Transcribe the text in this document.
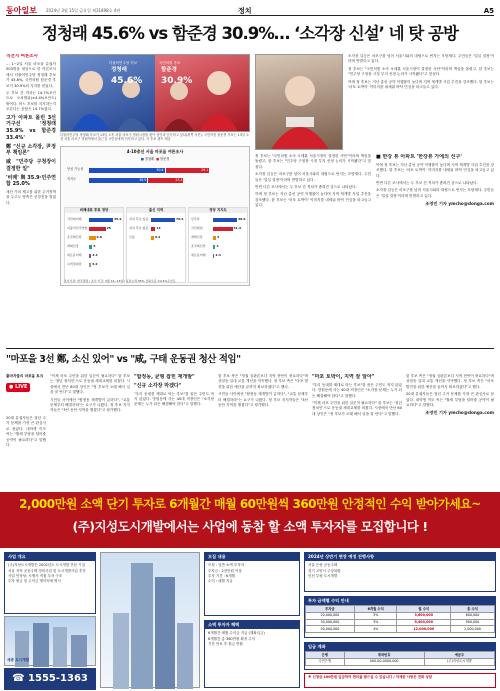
동아일보 2024년 3월 15일 금요일 제31898호 4판	정치	A5
정청래 45.6% vs 함준경 30.9%… ‘소각장 신설’ 네 탓 공방
격전지 여론조사

… 1~2일 서울 마포을 유권자 503명을 대상으로 한 여론조사에서 더불어민주당 정청래 후보가 45.6%, 국민의힘 함준경 후보가 30.9%의 지지를 얻었다.

두 후보 간 격차는 14.7%포인트로 오차범위(±4.4%포인트) 밖이다. 어느 후보를 지지하는지 모른다는 응답은 14.7%였다.

고가 아파트 몰린 3선거구선 '정청래 35.9% vs 함준경 33.4%'
鄭 "신규 소각장, 尹정부 책임론"
咸 "민주당 구청장이 결정한 일"
'비례' 與 35.9·민주연합 25.0%

재산 가치 제고를 위한 주거정책을 두고도 양측은 신경전을 벌였다.

더불어민주당 후보
정청래
45.6%
국민의힘 후보
함준경
30.9%
더불어민주당 정청래 후보가 13일 오후 서울 마포구 망원시장을 찾아 상인과 인사하고 있다(왼쪽 사진). 국민의힘 함준경 후보는 13일 오전 서울 마포구 망원역에서 출근길 시민들에게 인사하고 있다. 각 후보 캠프 제공
4·10총선 서울 마포을 여론조사
■ 정청래 ■ 함준경
당선 가능성	50.4	29.1
지지도	38.9	23.4
비례대표 투표 정당
국민의미래	35.9
더불어민주연합	25
조국혁신당	9.8
개혁신당	5
새로운미래	3.4
녹색정의당	3.2
출신 지역
지지 후보 있음	76.6
지지 후보 없음	14
모름	9.4
정당 지지도
민주당	38.6
국민의힘	31.4
개혁신당	5
조국혁신당	4
새로운미래	2.4
조사기관: 한국갤럽 / 조사 기간: 3월 12~13일 / 표본오차 95% 신뢰수준 ±4.4%포인트

소각장 갈등은 마포구를 넘어 서울시와의 대립으로 번지는 모양새다. 주민들은 '밀실 결정'이라며 반발하고 있다.

정 후보는 "국민의힘 소속 오세훈 서울시장이 결정한 사안"이라며 책임을 돌렸고, 함 후보는 "민주당 구청장 시절 부지 선정 논의가 시작됐다"고 맞섰다.

이에 정 후보는 지난 총선 공약 이행률이 높다며 지역 재개발 사업 추진을 강조했다. 함 후보는 '마포 토박이' 이미지를 내세워 바닥 민심을 파고들고 있다.

정 후보는 "국민의힘 소속 오세훈 서울시장이 결정한 사안"이라며 책임을 돌렸고, 함 후보는 "민주당 구청장 시절 부지 선정 논의가 시작됐다"고 맞섰다.

소각장 갈등은 마포구를 넘어 서울시와의 대립으로 번지는 모양새다. 주민들은 '밀실 결정'이라며 반발하고 있다.

반면 다른 조사에서는 두 후보 간 격차가 좁혀진 것으로 나타났다.

이에 정 후보는 지난 총선 공약 이행률이 높다며 지역 재개발 사업 추진을 강조했다. 함 후보는 '마포 토박이' 이미지를 내세워 바닥 민심을 파고들고 있다.

■ 한강 뷰 아파트 '한강뷰 가에의 선구'

이에 정 후보는 지난 총선 공약 이행률이 높다며 지역 재개발 사업 추진을 강조했다. 함 후보는 '마포 토박이' 이미지를 내세워 바닥 민심을 파고들고 있다.

반면 다른 조사에서는 두 후보 간 격차가 좁혀진 것으로 나타났다.

소각장 갈등은 마포구를 넘어 서울시와의 대립으로 번지는 모양새다. 주민들은 '밀실 결정'이라며 반발하고 있다.

조영민 기자 ymcho@donga.com

"마포을 3선 鄭, 소신 있어" vs "咸, 구태 운동권 청산 적임"
출마자들의 마포을 토크
● LIVE

20대 유권자들은 청년 주거 문제를 가장 큰 관심사로 꼽았다. 대학생 이모 씨는 "월세 부담을 덜어줄 공약이 필요하다"고 말했다.

"이제 마포 주민을 위한 일꾼이 필요하다" 함 후보는 '청년 정치인'으로 운동권 세대교체를 외쳤다. 시장에서 만난 60대 상인은 "정 후보가 오래 해서 일을 잘 안다"고 말했다.

시민들 사이에선 "합정동 재개발이 급하다", "교통 문제부터 해결하라"는 요구가 나왔다. 정 후보 지지자들은 "3선 동안 지역을 챙겼다"고 평가했다.

"합정동, 균형 잡힌 재개발"
"신규 소각장 막겠다"

"우리 동네를 제대로 아는 후보"를 꼽은 주민도 적지 않았다. 망원동에 사는 40대 직장인은 "소각장 문제는 누가 되든 해결해야 한다"고 말했다.

함 후보 측은 "정권 심판론보다 지역 현안이 중요하다"며 상암동 일대 교통 개선을 약속했다. 정 후보 측은 "마포 발전을 위한 예산을 끝까지 확보하겠다"고 했다.

시민들 사이에선 "합정동 재개발이 급하다", "교통 문제부터 해결하라"는 요구가 나왔다. 정 후보 지지자들은 "3선 동안 지역을 챙겼다"고 평가했다.

"마포 토박이, 지역 잘 알아"

"우리 동네를 제대로 아는 후보"를 꼽은 주민도 적지 않았다. 망원동에 사는 40대 직장인은 "소각장 문제는 누가 되든 해결해야 한다"고 말했다.

"이제 마포 주민을 위한 일꾼이 필요하다" 함 후보는 '청년 정치인'으로 운동권 세대교체를 외쳤다. 시장에서 만난 60대 상인은 "정 후보가 오래 해서 일을 잘 안다"고 말했다.

함 후보 측은 "정권 심판론보다 지역 현안이 중요하다"며 상암동 일대 교통 개선을 약속했다. 정 후보 측은 "마포 발전을 위한 예산을 끝까지 확보하겠다"고 했다.

20대 유권자들은 청년 주거 문제를 가장 큰 관심사로 꼽았다. 대학생 이모 씨는 "월세 부담을 덜어줄 공약이 필요하다"고 말했다.

조영민 기자 ymcho@donga.com

2,000만원 소액 단기 투자로 6개월간 매월 60만원씩 360만원 안정적인 수익 받아가세요~
(주)지성도시개발에서는 사업에 동참 할 소액 투자자를 모집합니다 !
사업 개요
(주)지성도시개발은 2002년도 도시개발 전문 기업
서울 지역 공동주택 정비사업 및 도시개발사업 추진
사업 안정성: 시행사 직접 투자 구조
투자 원금 및 수익금 계약서에 명시
세종 도시개발
☎ 1555-1363
모집 내용
모집 : 일반 소액 투자자
투자금 : 2천만원 이상
투자 기간 : 6개월
수익 : 매월 지급
소액 투자자 혜택
6개월간 매월 수익금 지급 (계좌입금)
6개월간 총 360만원 확정 수익
기간 만료 후 원금 반환
2024년 상반기 현장 예정 진행사항
서울 은평 공동주택
경기 고양시 주상복합
인천 부평 도시개발
투자 금액별 수익 안내
투자금	6개월 수익	월 수익	총 수익
20,000,000	3%	3,600,000	600,000
30,000,000	3%	5,400,000	900,000
50,000,000	4%	12,000,000	2,000,000
입금 계좌
은행	계좌번호	예금주
국민은행	000-00-0000-000	(주)지성도시개발
※ 신청금 100만원 입금하여 편의를 받으실 수 있습니다 / 자세한 사항은 전화 상담
